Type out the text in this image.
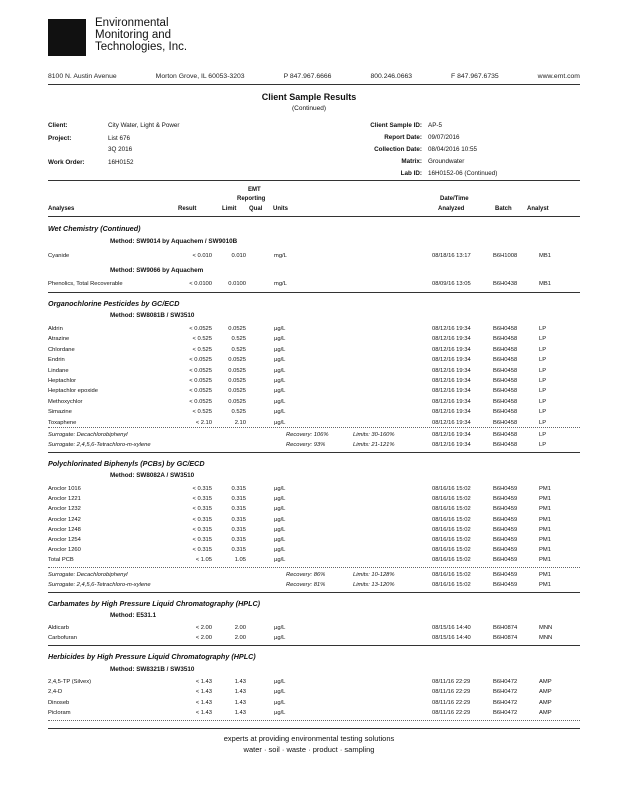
Environmental
Monitoring and
Technologies, Inc.
8100 N. Austin Avenue	Morton Grove, IL 60053-3203	P 847.967.6666	800.246.0663	F 847.967.6735	www.emt.com
Client Sample Results
(Continued)
Client:	City Water, Light & Power
Project:	List 676
3Q 2016
Work Order:	16H0152
Client Sample ID: AP-5
Report Date: 09/07/2016
Collection Date: 08/04/2016 10:55
Matrix: Groundwater
Lab ID: 16H0152-06 (Continued)
EMT
Reporting
Analyses	Result	Limit Qual Units
Date/Time
Analyzed	Batch	Analyst
Wet Chemistry (Continued)
Method: SW9014 by Aquachem / SW9010B
Cyanide	< 0.010	0.010	mg/L	08/18/16 13:17	B6H1008	MB1
Method: SW9066 by Aquachem
Phenolics, Total Recoverable	< 0.0100	0.0100	mg/L	08/09/16 13:05	B6H0438	MB1
Organochlorine Pesticides by GC/ECD
Method: SW8081B / SW3510
Aldrin	< 0.0525	0.0525	µg/L	08/12/16 19:34	B6H0458	LP
Atrazine	< 0.525	0.525	µg/L	08/12/16 19:34	B6H0458	LP
Chlordane	< 0.525	0.525	µg/L	08/12/16 19:34	B6H0458	LP
Endrin	< 0.0525	0.0525	µg/L	08/12/16 19:34	B6H0458	LP
Lindane	< 0.0525	0.0525	µg/L	08/12/16 19:34	B6H0458	LP
Heptachlor	< 0.0525	0.0525	µg/L	08/12/16 19:34	B6H0458	LP
Heptachlor epoxide	< 0.0525	0.0525	µg/L	08/12/16 19:34	B6H0458	LP
Methoxychlor	< 0.0525	0.0525	µg/L	08/12/16 19:34	B6H0458	LP
Simazine	< 0.525	0.525	µg/L	08/12/16 19:34	B6H0458	LP
Toxaphene	< 2.10	2.10	µg/L	08/12/16 19:34	B6H0458	LP
Surrogate: Decachlorobiphenyl	Recovery: 106%	Limits: 30-160%	08/12/16 19:34	B6H0458	LP
Surrogate: 2,4,5,6-Tetrachloro-m-xylene	Recovery: 93%	Limits: 21-121%	08/12/16 19:34	B6H0458	LP
Polychlorinated Biphenyls (PCBs) by GC/ECD
Method: SW8082A / SW3510
Aroclor 1016	< 0.315	0.315	µg/L	08/16/16 15:02	B6H0459	PM1
Aroclor 1221	< 0.315	0.315	µg/L	08/16/16 15:02	B6H0459	PM1
Aroclor 1232	< 0.315	0.315	µg/L	08/16/16 15:02	B6H0459	PM1
Aroclor 1242	< 0.315	0.315	µg/L	08/16/16 15:02	B6H0459	PM1
Aroclor 1248	< 0.315	0.315	µg/L	08/16/16 15:02	B6H0459	PM1
Aroclor 1254	< 0.315	0.315	µg/L	08/16/16 15:02	B6H0459	PM1
Aroclor 1260	< 0.315	0.315	µg/L	08/16/16 15:02	B6H0459	PM1
Total PCB	< 1.05	1.05	µg/L	08/16/16 15:02	B6H0459	PM1
Surrogate: Decachlorobiphenyl	Recovery: 86%	Limits: 10-128%	08/16/16 15:02	B6H0459	PM1
Surrogate: 2,4,5,6-Tetrachloro-m-xylene	Recovery: 81%	Limits: 13-120%	08/16/16 15:02	B6H0459	PM1
Carbamates by High Pressure Liquid Chromatography (HPLC)
Method: E531.1
Aldicarb	< 2.00	2.00	µg/L	08/15/16 14:40	B6H0874	MNN
Carbofuran	< 2.00	2.00	µg/L	08/15/16 14:40	B6H0874	MNN
Herbicides by High Pressure Liquid Chromatography (HPLC)
Method: SW8321B / SW3510
2,4,5-TP (Silvex)	< 1.43	1.43	µg/L	08/11/16 22:29	B6H0472	AMP
2,4-D	< 1.43	1.43	µg/L	08/11/16 22:29	B6H0472	AMP
Dinoseb	< 1.43	1.43	µg/L	08/11/16 22:29	B6H0472	AMP
Picloram	< 1.43	1.43	µg/L	08/11/16 22:29	B6H0472	AMP
experts at providing environmental testing solutions
water · soil · waste · product · sampling
